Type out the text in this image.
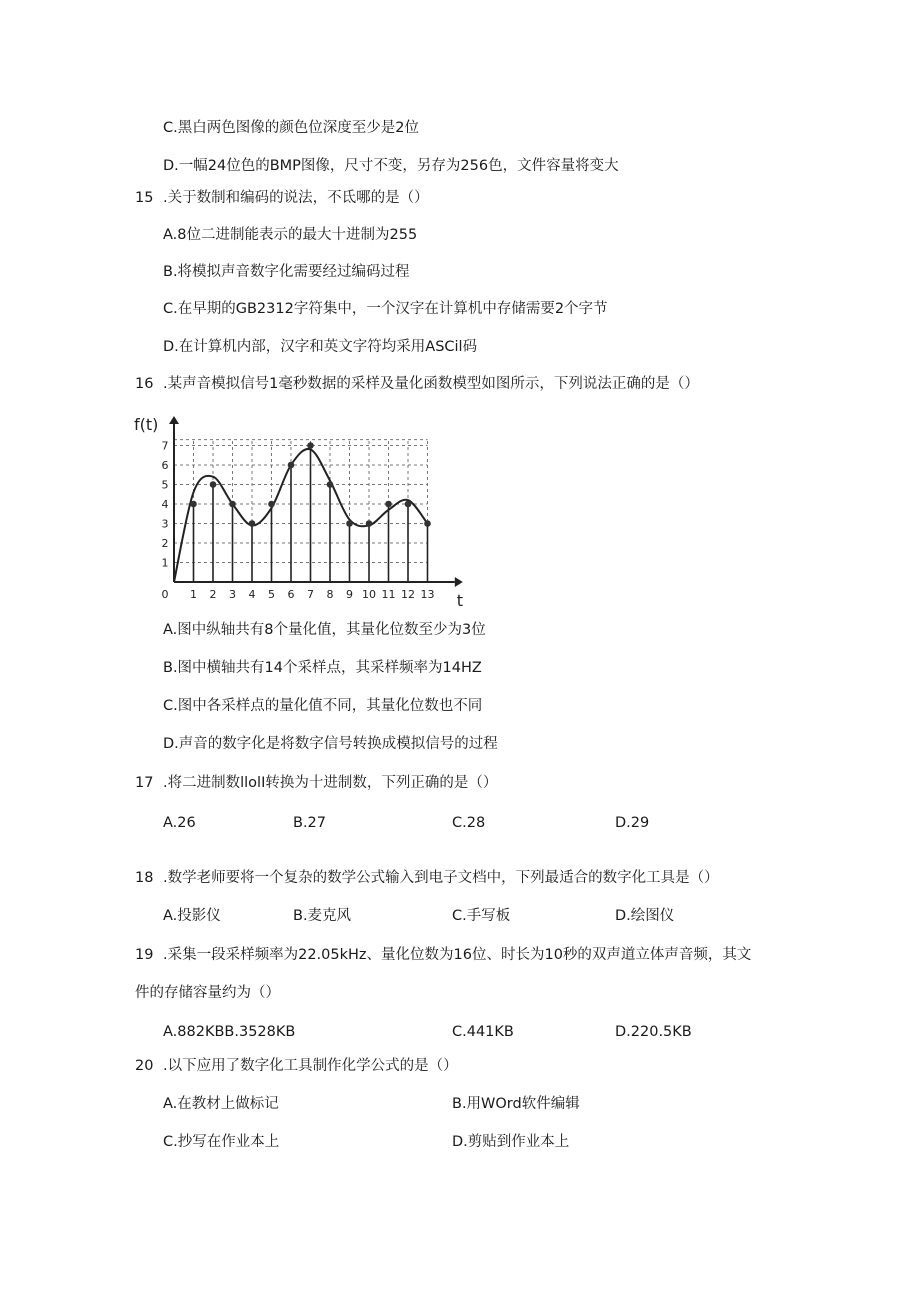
C.黑白两色图像的颜色位深度至少是2位
D.一幅24位色的BMP图像，尺寸不变，另存为256色，文件容量将变大
15 .关于数制和编码的说法，不氐哪的是（）
A.8位二进制能表示的最大十进制为255
B.将模拟声音数字化需要经过编码过程
C.在早期的GB2312字符集中，一个汉字在计算机中存储需要2个字节
D.在计算机内部，汉字和英文字符均采用ASCil码
16 .某声音模拟信号1毫秒数据的采样及量化函数模型如图所示，下列说法正确的是（）
0 1 2 3 4 5 6 7 8 9 10 11 12 13
1
2
3
4
5
6
7
f(t)
t
A.图中纵轴共有8个量化值，其量化位数至少为3位
B.图中横轴共有14个采样点，其采样频率为14HZ
C.图中各采样点的量化值不同，其量化位数也不同
D.声音的数字化是将数字信号转换成模拟信号的过程
17 .将二进制数llolI转换为十进制数，下列正确的是（）
A.26	B.27	C.28	D.29
18 .数学老师要将一个复杂的数学公式输入到电子文档中，下列最适合的数字化工具是（）
A.投影仪	B.麦克风	C.手写板	D.绘图仪
19 .采集一段采样频率为22.05kHz、量化位数为16位、时长为10秒的双声道立体声音频，其文
件的存储容量约为（）
A.882KBB.3528KB	C.441KB	D.220.5KB
20 .以下应用了数字化工具制作化学公式的是（）
A.在教材上做标记	B.用WOrd软件编辑
C.抄写在作业本上	D.剪贴到作业本上
